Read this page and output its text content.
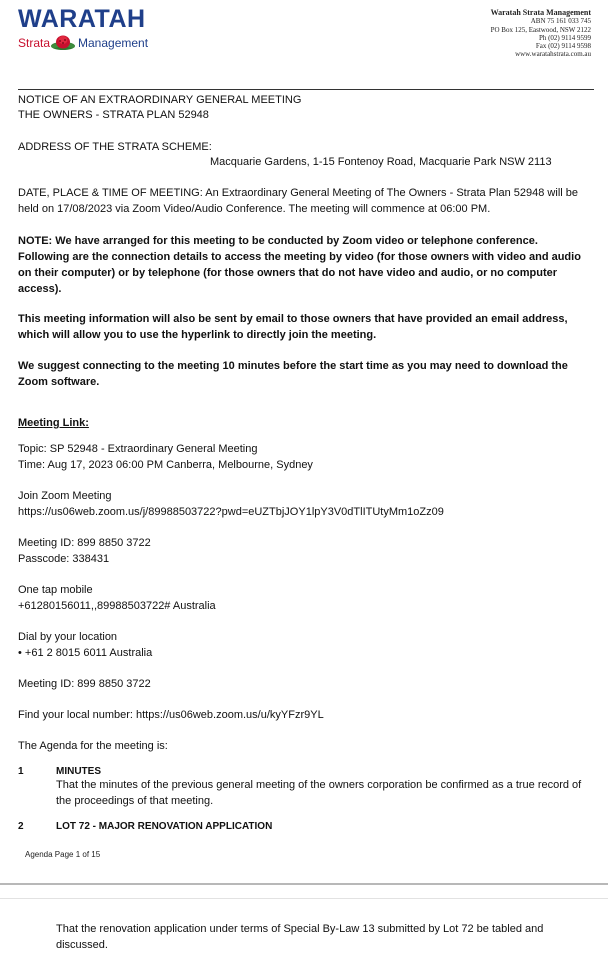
WARATAH
Strata Management
Waratah Strata Management
ABN 75 161 033 745
PO Box 125, Eastwood, NSW 2122
Ph (02) 9114 9599
Fax (02) 9114 9598
www.waratahstrata.com.au
NOTICE OF AN EXTRAORDINARY GENERAL MEETING
THE OWNERS - STRATA PLAN 52948
ADDRESS OF THE STRATA SCHEME:
Macquarie Gardens, 1-15 Fontenoy Road, Macquarie Park NSW 2113
DATE, PLACE & TIME OF MEETING: An Extraordinary General Meeting of The Owners - Strata Plan 52948 will be held on 17/08/2023 via Zoom Video/Audio Conference. The meeting will commence at 06:00 PM.
NOTE: We have arranged for this meeting to be conducted by Zoom video or telephone conference. Following are the connection details to access the meeting by video (for those owners with video and audio on their computer) or by telephone (for those owners that do not have video and audio, or no computer access).
This meeting information will also be sent by email to those owners that have provided an email address, which will allow you to use the hyperlink to directly join the meeting.
We suggest connecting to the meeting 10 minutes before the start time as you may need to download the Zoom software.
Meeting Link:
Topic: SP 52948 - Extraordinary General Meeting
Time: Aug 17, 2023 06:00 PM Canberra, Melbourne, Sydney
Join Zoom Meeting
https://us06web.zoom.us/j/89988503722?pwd=eUZTbjJOY1lpY3V0dTlITUtyMm1oZz09
Meeting ID: 899 8850 3722
Passcode: 338431
One tap mobile
+61280156011,,89988503722# Australia
Dial by your location
• +61 2 8015 6011 Australia
Meeting ID: 899 8850 3722
Find your local number: https://us06web.zoom.us/u/kyYFzr9YL
The Agenda for the meeting is:
1	MINUTES
That the minutes of the previous general meeting of the owners corporation be confirmed as a true record of the proceedings of that meeting.
2	LOT 72 - MAJOR RENOVATION APPLICATION
Agenda Page 1 of 15
That the renovation application under terms of Special By-Law 13 submitted by Lot 72 be tabled and discussed.
